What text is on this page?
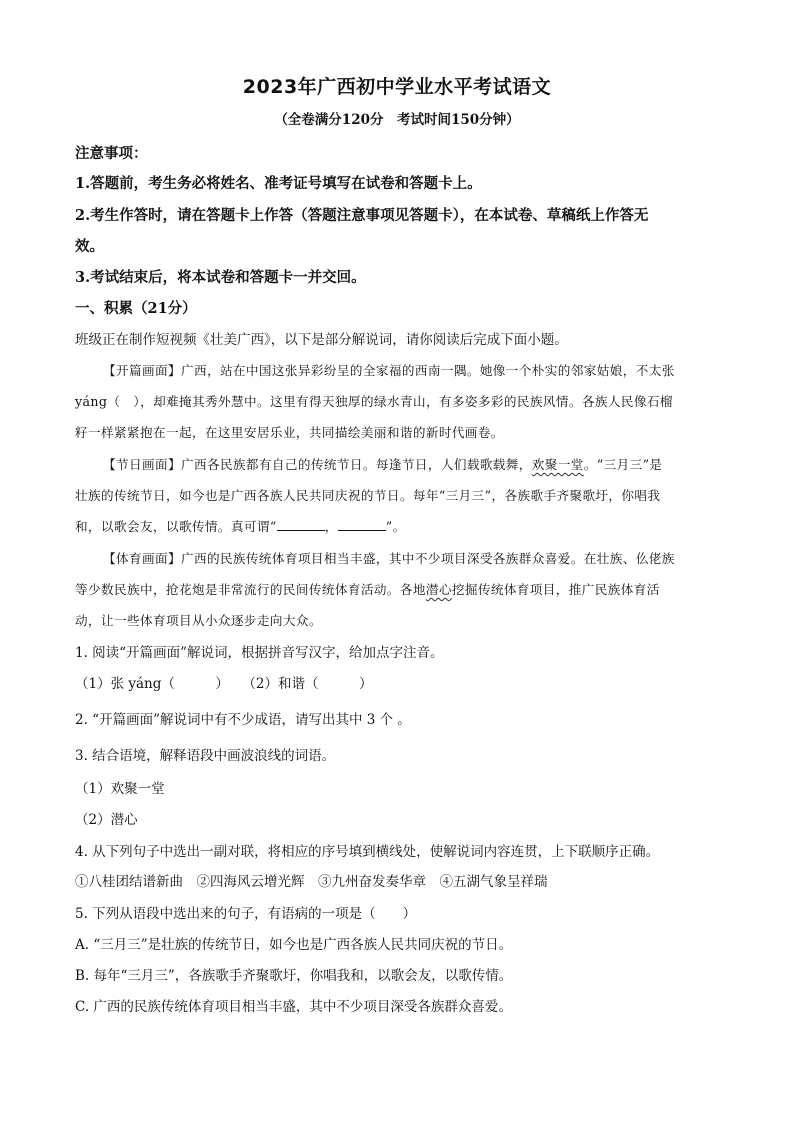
2023年广西初中学业水平考试语文
（全卷满分120分　考试时间150分钟）
注意事项：
1.答题前，考生务必将姓名、准考证号填写在试卷和答题卡上。
2.考生作答时，请在答题卡上作答（答题注意事项见答题卡），在本试卷、草稿纸上作答无
效。
3.考试结束后，将本试卷和答题卡一并交回。
一、积累（21分）
班级正在制作短视频《壮美广西》，以下是部分解说词，请你阅读后完成下面小题。
【开篇画面】广西，站在中国这张异彩纷呈的全家福的西南一隅。她像一个朴实的邻家姑娘，不太张
yáng（　），却难掩其秀外慧中。这里有得天独厚的绿水青山，有多姿多彩的民族风情。各族人民像石榴
籽一样紧紧抱在一起，在这里安居乐业，共同描绘美丽和谐的新时代画卷。
【节日画面】广西各民族都有自己的传统节日。每逢节日，人们载歌载舞，欢聚一堂。“三月三”是
壮族的传统节日，如今也是广西各族人民共同庆祝的节日。每年“三月三”，各族歌手齐聚歌圩，你唱我
和，以歌会友，以歌传情。真可谓“	，	”。
【体育画面】广西的民族传统体育项目相当丰盛，其中不少项目深受各族群众喜爱。在壮族、仫佬族
等少数民族中，抢花炮是非常流行的民间传统体育活动。各地潜心挖掘传统体育项目，推广民族体育活
动，让一些体育项目从小众逐步走向大众。
1. 阅读“开篇画面”解说词，根据拼音写汉字，给加点字注音。
（1）张 yáng（　　　）　　（2）和谐（　　　）
2. “开篇画面”解说词中有不少成语，请写出其中 3 个 。
3. 结合语境，解释语段中画波浪线的词语。
（1）欢聚一堂
（2）潜心
4. 从下列句子中选出一副对联，将相应的序号填到横线处，使解说词内容连贯，上下联顺序正确。
①八桂团结谱新曲　②四海风云增光辉　③九州奋发奏华章　④五湖气象呈祥瑞
5. 下列从语段中选出来的句子，有语病的一项是（　　）
A. “三月三”是壮族的传统节日，如今也是广西各族人民共同庆祝的节日。
B. 每年“三月三”，各族歌手齐聚歌圩，你唱我和，以歌会友，以歌传情。
C. 广西的民族传统体育项目相当丰盛，其中不少项目深受各族群众喜爱。
